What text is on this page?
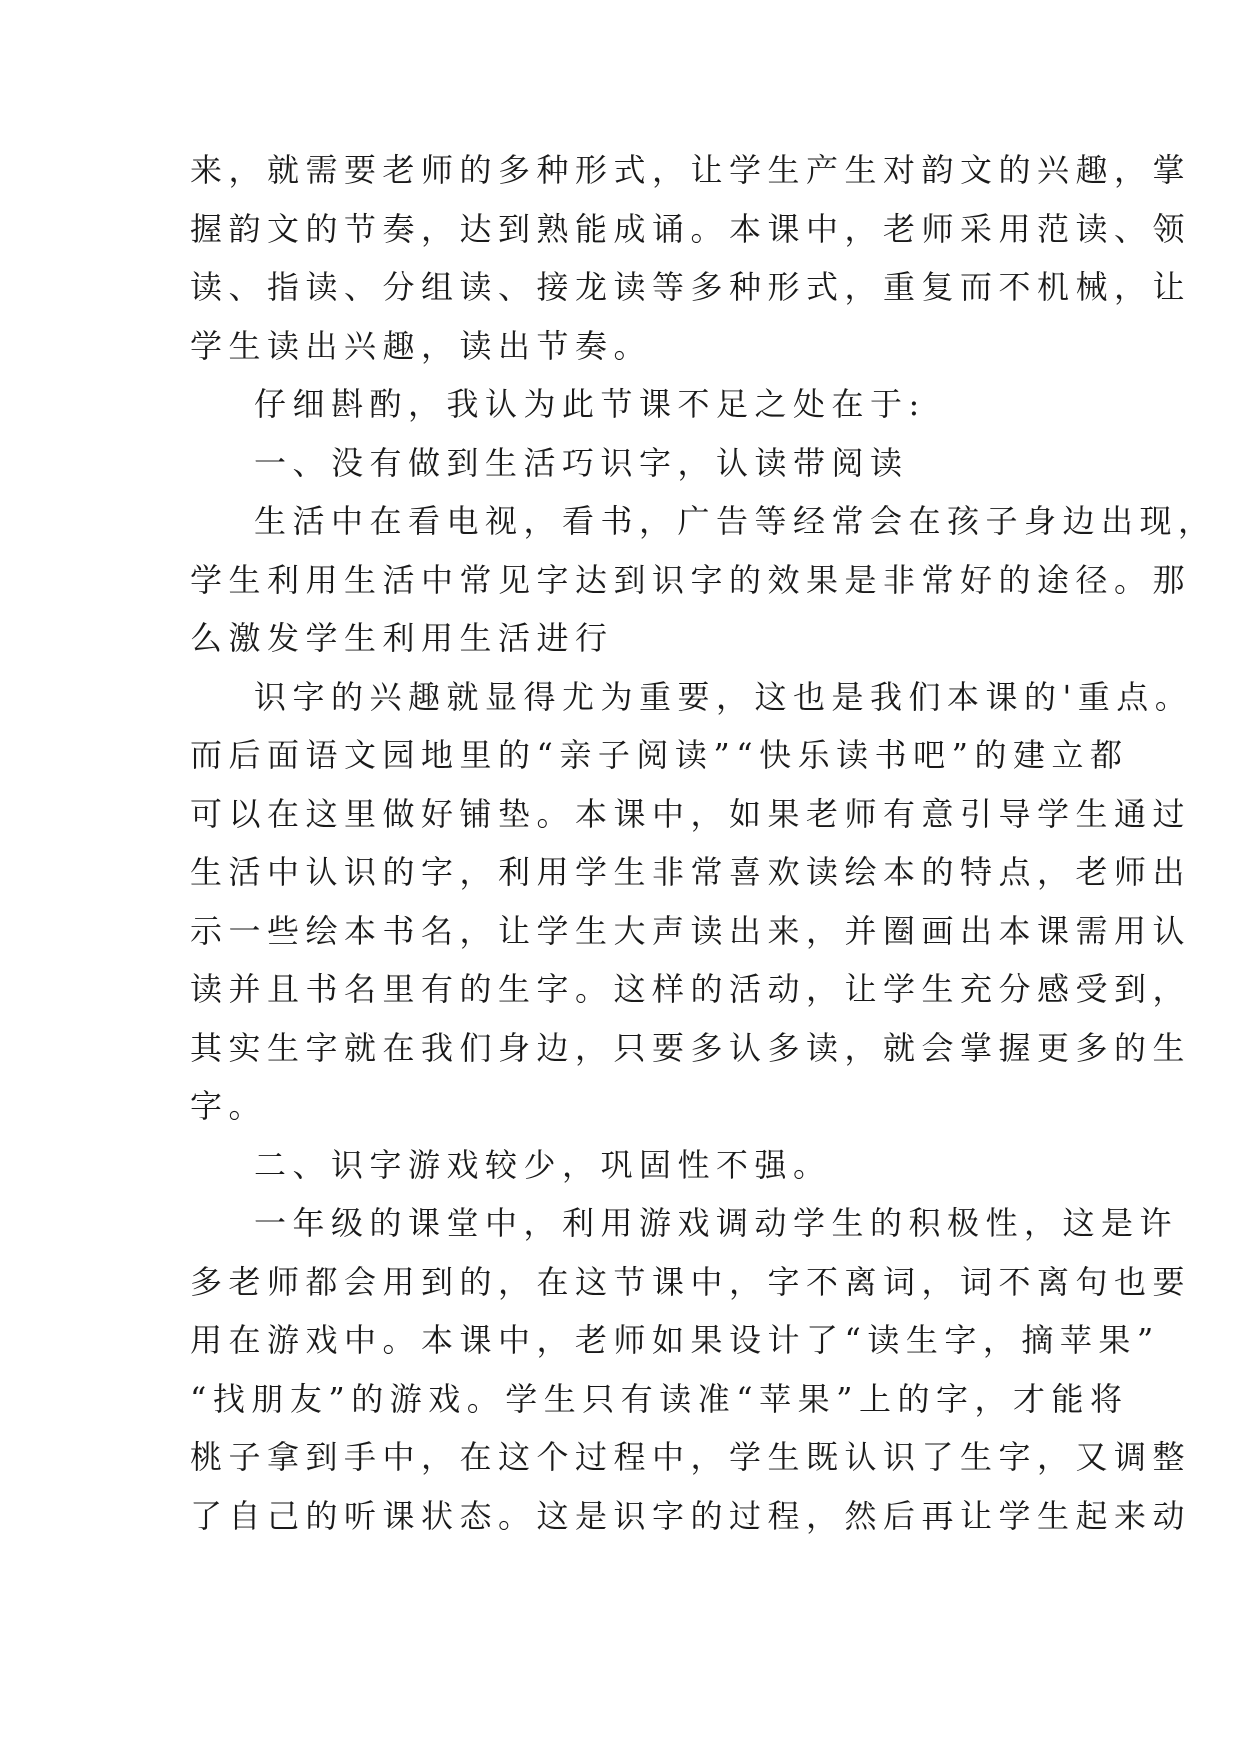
来，就需要老师的多种形式，让学生产生对韵文的兴趣，掌

握韵文的节奏，达到熟能成诵。本课中，老师采用范读、领

读、指读、分组读、接龙读等多种形式，重复而不机械，让

学生读出兴趣，读出节奏。

仔细斟酌，我认为此节课不足之处在于:

一、没有做到生活巧识字，认读带阅读

生活中在看电视，看书，广告等经常会在孩子身边出现，

学生利用生活中常见字达到识字的效果是非常好的途径。那

么激发学生利用生活进行

识字的兴趣就显得尤为重要，这也是我们本课的'重点。

而后面语文园地里的“亲子阅读”“快乐读书吧”的建立都

可以在这里做好铺垫。本课中，如果老师有意引导学生通过

生活中认识的字，利用学生非常喜欢读绘本的特点，老师出

示一些绘本书名，让学生大声读出来，并圈画出本课需用认

读并且书名里有的生字。这样的活动，让学生充分感受到，

其实生字就在我们身边，只要多认多读，就会掌握更多的生

字。

二、识字游戏较少，巩固性不强。

一年级的课堂中，利用游戏调动学生的积极性，这是许

多老师都会用到的，在这节课中，字不离词，词不离句也要

用在游戏中。本课中，老师如果设计了“读生字，摘苹果”

“找朋友”的游戏。学生只有读准“苹果”上的字，才能将

桃子拿到手中，在这个过程中，学生既认识了生字，又调整

了自己的听课状态。这是识字的过程，然后再让学生起来动
